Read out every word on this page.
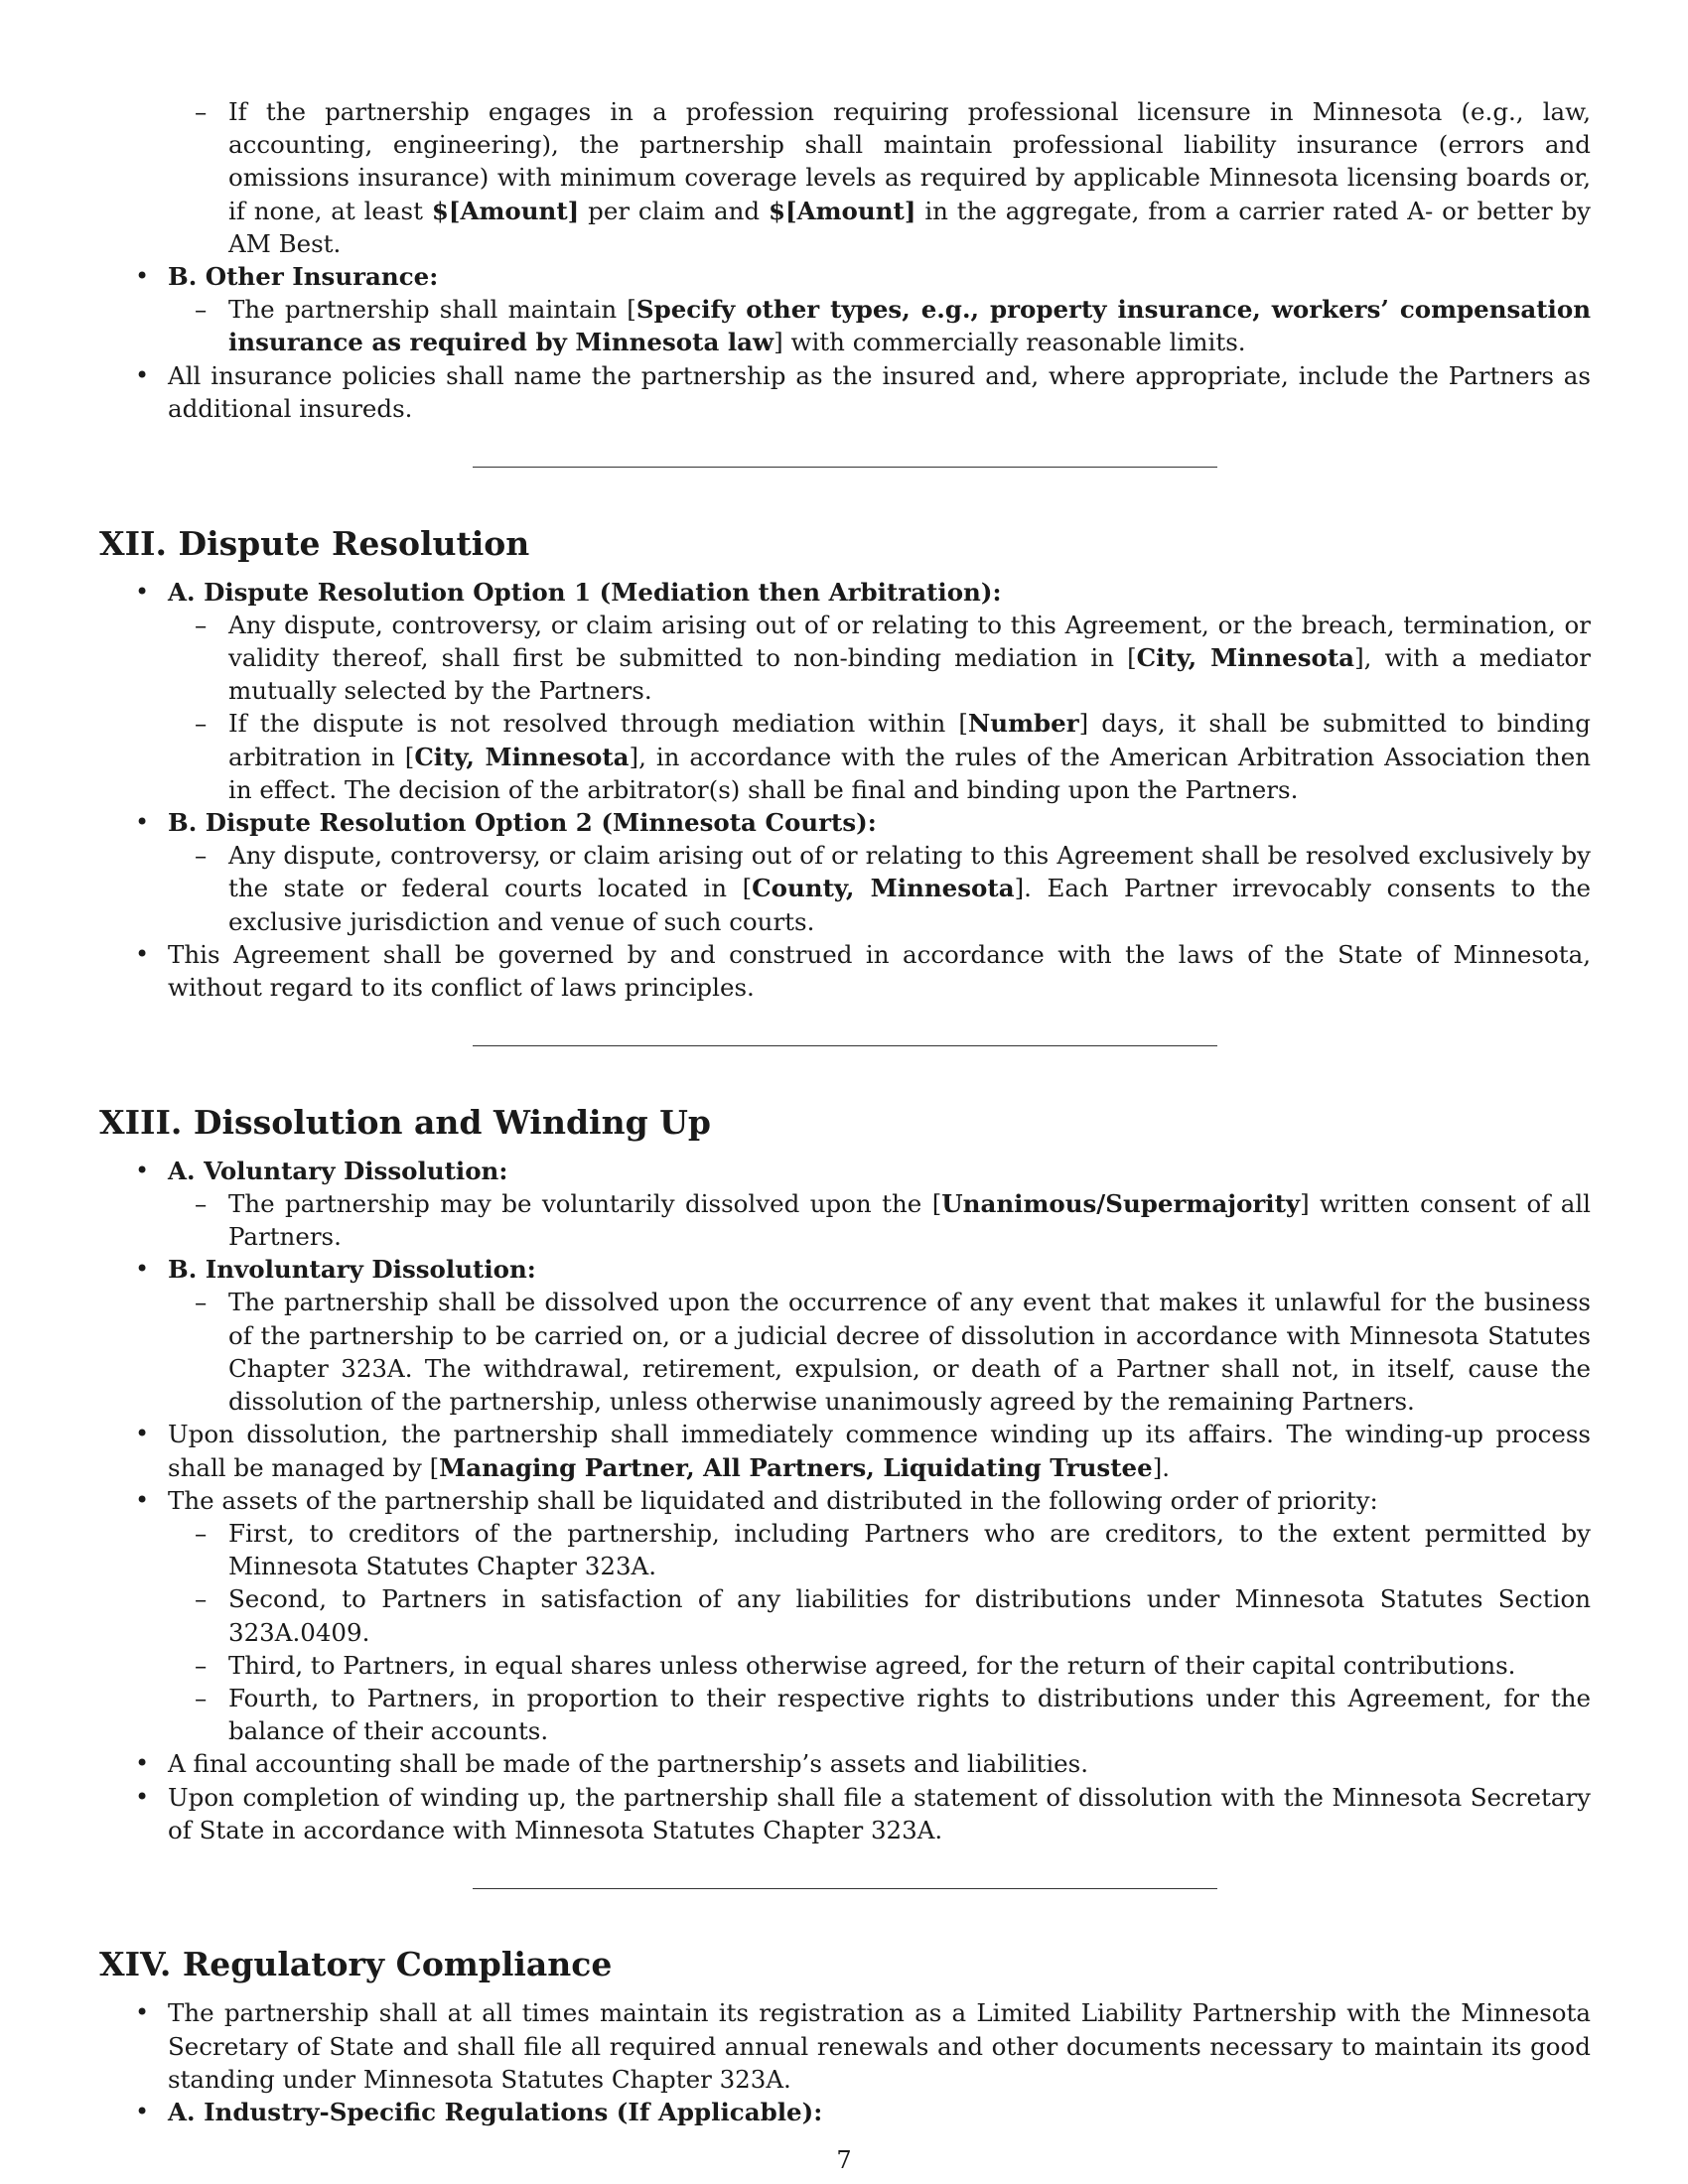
– If the partnership engages in a profession requiring professional licensure in Minnesota (e.g., law, accounting, engineering), the partnership shall maintain professional liability insurance (errors and omissions insurance) with minimum coverage levels as required by applicable Minnesota licensing boards or, if none, at least $[Amount] per claim and $[Amount] in the aggregate, from a carrier rated A- or better by AM Best.
• B. Other Insurance:
– The partnership shall maintain [Specify other types, e.g., property insurance, workers’ compensation insurance as required by Minnesota law] with commercially reasonable limits.
• All insurance policies shall name the partnership as the insured and, where appropriate, include the Partners as additional insureds.
XII. Dispute Resolution
• A. Dispute Resolution Option 1 (Mediation then Arbitration):
– Any dispute, controversy, or claim arising out of or relating to this Agreement, or the breach, termination, or validity thereof, shall first be submitted to non-binding mediation in [City, Minnesota], with a mediator mutually selected by the Partners.
– If the dispute is not resolved through mediation within [Number] days, it shall be submitted to binding arbitration in [City, Minnesota], in accordance with the rules of the American Arbitration Association then in effect. The decision of the arbitrator(s) shall be final and binding upon the Partners.
• B. Dispute Resolution Option 2 (Minnesota Courts):
– Any dispute, controversy, or claim arising out of or relating to this Agreement shall be resolved exclusively by the state or federal courts located in [County, Minnesota]. Each Partner irrevocably consents to the exclusive jurisdiction and venue of such courts.
• This Agreement shall be governed by and construed in accordance with the laws of the State of Minnesota, without regard to its conflict of laws principles.
XIII. Dissolution and Winding Up
• A. Voluntary Dissolution:
– The partnership may be voluntarily dissolved upon the [Unanimous/Supermajority] written consent of all Partners.
• B. Involuntary Dissolution:
– The partnership shall be dissolved upon the occurrence of any event that makes it unlawful for the business of the partnership to be carried on, or a judicial decree of dissolution in accordance with Minnesota Statutes Chapter 323A. The withdrawal, retirement, expulsion, or death of a Partner shall not, in itself, cause the dissolution of the partnership, unless otherwise unanimously agreed by the remaining Partners.
• Upon dissolution, the partnership shall immediately commence winding up its affairs. The winding-up process shall be managed by [Managing Partner, All Partners, Liquidating Trustee].
• The assets of the partnership shall be liquidated and distributed in the following order of priority:
– First, to creditors of the partnership, including Partners who are creditors, to the extent permitted by Minnesota Statutes Chapter 323A.
– Second, to Partners in satisfaction of any liabilities for distributions under Minnesota Statutes Section 323A.0409.
– Third, to Partners, in equal shares unless otherwise agreed, for the return of their capital contributions.
– Fourth, to Partners, in proportion to their respective rights to distributions under this Agreement, for the balance of their accounts.
• A final accounting shall be made of the partnership’s assets and liabilities.
• Upon completion of winding up, the partnership shall file a statement of dissolution with the Minnesota Secretary of State in accordance with Minnesota Statutes Chapter 323A.
XIV. Regulatory Compliance
• The partnership shall at all times maintain its registration as a Limited Liability Partnership with the Minnesota Secretary of State and shall file all required annual renewals and other documents necessary to maintain its good standing under Minnesota Statutes Chapter 323A.
• A. Industry-Specific Regulations (If Applicable):
7
